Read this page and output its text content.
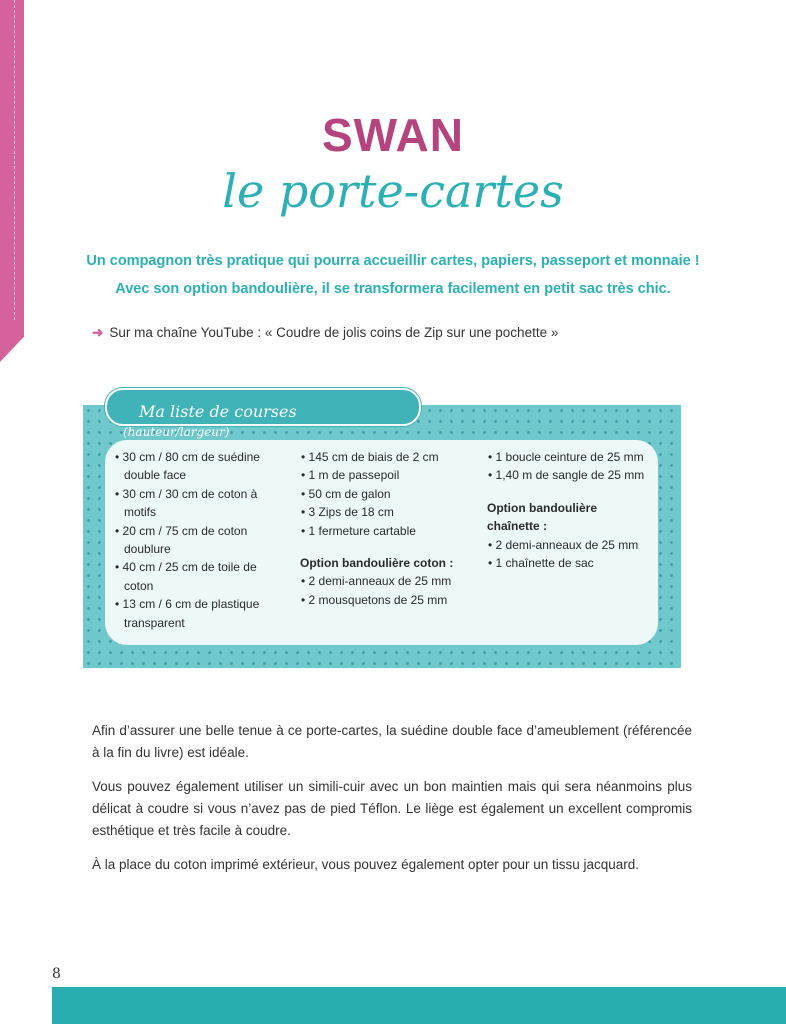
SWAN
le porte-cartes
Un compagnon très pratique qui pourra accueillir cartes, papiers, passeport et monnaie !
Avec son option bandoulière, il se transformera facilement en petit sac très chic.
➜ Sur ma chaîne YouTube : « Coudre de jolis coins de Zip sur une pochette »
Ma liste de courses
(hauteur/largeur)
• 30 cm / 80 cm de suédine double face
• 30 cm / 30 cm de coton à motifs
• 20 cm / 75 cm de coton doublure
• 40 cm / 25 cm de toile de coton
• 13 cm / 6 cm de plastique transparent
• 145 cm de biais de 2 cm
• 1 m de passepoil
• 50 cm de galon
• 3 Zips de 18 cm
• 1 fermeture cartable
Option bandoulière coton :
• 2 demi-anneaux de 25 mm
• 2 mousquetons de 25 mm
• 1 boucle ceinture de 25 mm
• 1,40 m de sangle de 25 mm
Option bandoulière chaînette :
• 2 demi-anneaux de 25 mm
• 1 chaînette de sac

Afin d’assurer une belle tenue à ce porte-cartes, la suédine double face d’ameublement (référencée à la fin du livre) est idéale.

Vous pouvez également utiliser un simili-cuir avec un bon maintien mais qui sera néanmoins plus délicat à coudre si vous n’avez pas de pied Téflon. Le liège est également un excellent compromis esthétique et très facile à coudre.

À la place du coton imprimé extérieur, vous pouvez également opter pour un tissu jacquard.

8
